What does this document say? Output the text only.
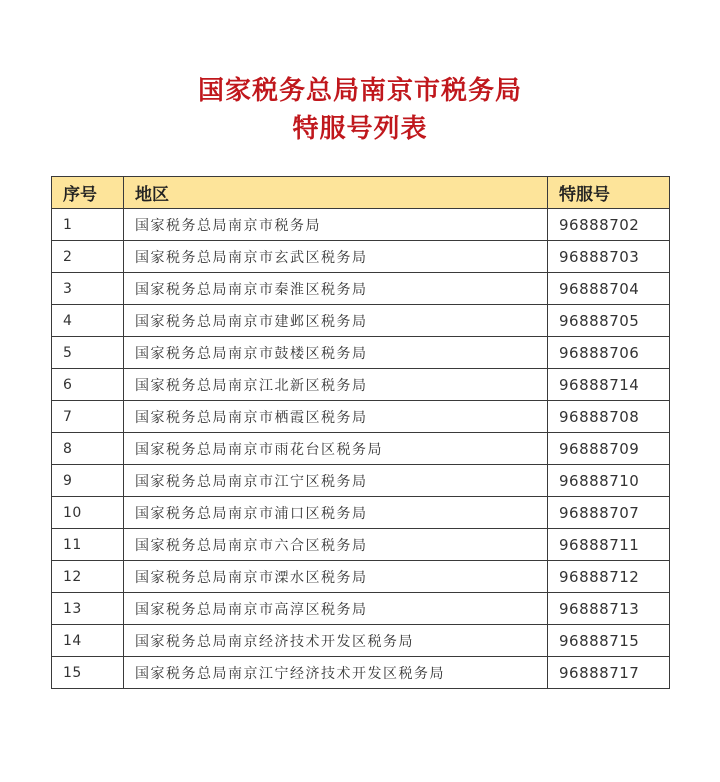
国家税务总局南京市税务局
特服号列表
序号	地区	特服号
1	国家税务总局南京市税务局	96888702
2	国家税务总局南京市玄武区税务局	96888703
3	国家税务总局南京市秦淮区税务局	96888704
4	国家税务总局南京市建邺区税务局	96888705
5	国家税务总局南京市鼓楼区税务局	96888706
6	国家税务总局南京江北新区税务局	96888714
7	国家税务总局南京市栖霞区税务局	96888708
8	国家税务总局南京市雨花台区税务局	96888709
9	国家税务总局南京市江宁区税务局	96888710
10	国家税务总局南京市浦口区税务局	96888707
11	国家税务总局南京市六合区税务局	96888711
12	国家税务总局南京市溧水区税务局	96888712
13	国家税务总局南京市高淳区税务局	96888713
14	国家税务总局南京经济技术开发区税务局	96888715
15	国家税务总局南京江宁经济技术开发区税务局	96888717
